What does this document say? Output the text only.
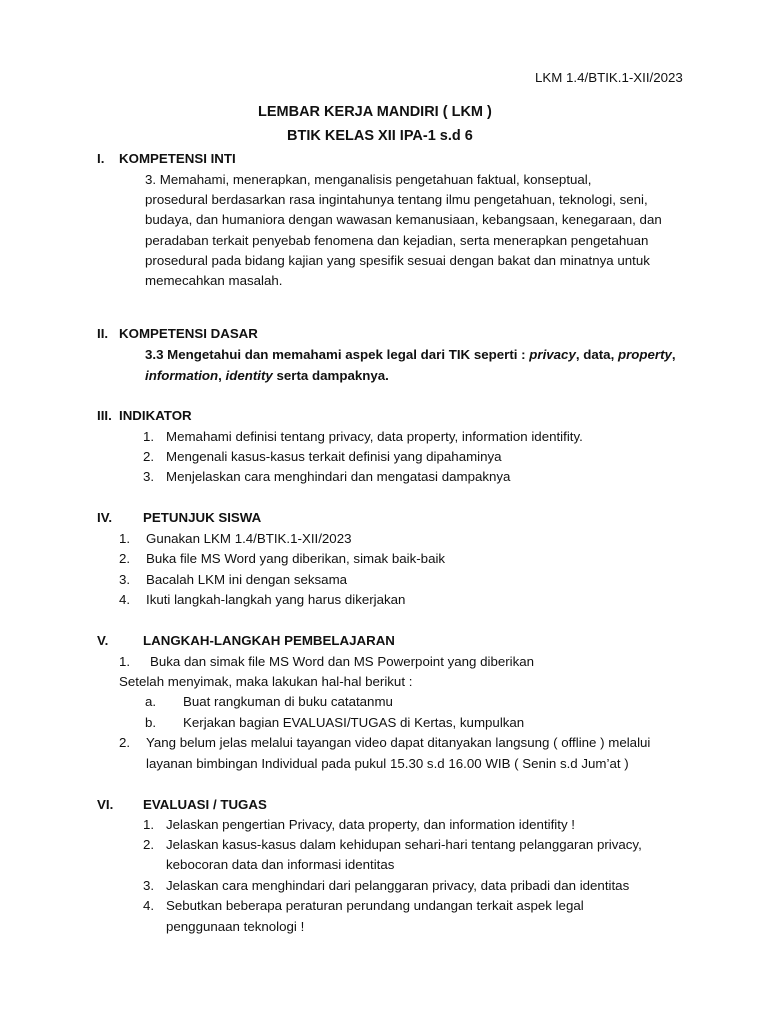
LKM 1.4/BTIK.1-XII/2023
LEMBAR KERJA MANDIRI ( LKM )
BTIK KELAS XII IPA-1 s.d 6
I. KOMPETENSI INTI
3. Memahami, menerapkan, menganalisis pengetahuan faktual, konseptual,
prosedural berdasarkan rasa ingintahunya tentang ilmu pengetahuan, teknologi, seni,
budaya, dan humaniora dengan wawasan kemanusiaan, kebangsaan, kenegaraan, dan
peradaban terkait penyebab fenomena dan kejadian, serta menerapkan pengetahuan
prosedural pada bidang kajian yang spesifik sesuai dengan bakat dan minatnya untuk
memecahkan masalah.
II. KOMPETENSI DASAR
3.3 Mengetahui dan memahami aspek legal dari TIK seperti : privacy, data, property,
information, identity serta dampaknya.
III. INDIKATOR
1. Memahami definisi tentang privacy, data property, information identifity.
2. Mengenali kasus-kasus terkait definisi yang dipahaminya
3. Menjelaskan cara menghindari dan mengatasi dampaknya
IV. PETUNJUK SISWA
1. Gunakan LKM 1.4/BTIK.1-XII/2023
2. Buka file MS Word yang diberikan, simak baik-baik
3. Bacalah LKM ini dengan seksama
4. Ikuti langkah-langkah yang harus dikerjakan
V.	LANGKAH-LANGKAH PEMBELAJARAN
1. Buka dan simak file MS Word dan MS Powerpoint yang diberikan
Setelah menyimak, maka lakukan hal-hal berikut :
a. Buat rangkuman di buku catatanmu
b. Kerjakan bagian EVALUASI/TUGAS di Kertas, kumpulkan
2. Yang belum jelas melalui tayangan video dapat ditanyakan langsung ( offline ) melalui
layanan bimbingan Individual pada pukul 15.30 s.d 16.00 WIB ( Senin s.d Jum’at )
VI. EVALUASI / TUGAS
1. Jelaskan pengertian Privacy, data property, dan information identifity !
2. Jelaskan kasus-kasus dalam kehidupan sehari-hari tentang pelanggaran privacy,
kebocoran data dan informasi identitas
3. Jelaskan cara menghindari dari pelanggaran privacy, data pribadi dan identitas
4. Sebutkan beberapa peraturan perundang undangan terkait aspek legal
penggunaan teknologi !
